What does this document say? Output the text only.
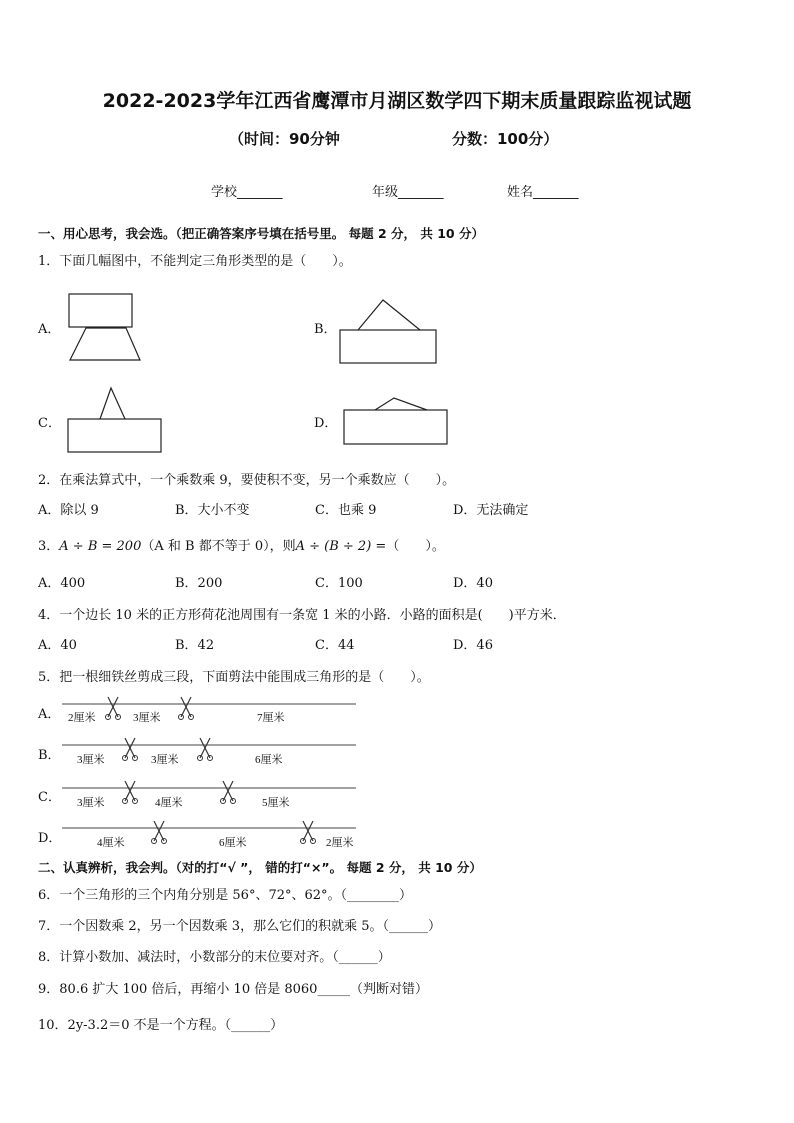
2022-2023学年江西省鹰潭市月湖区数学四下期末质量跟踪监视试题
（时间：90分钟	分数：100分）
学校_______	年级_______	姓名_______
一、用心思考，我会选。（把正确答案序号填在括号里。 每题 2 分， 共 10 分）
1．下面几幅图中，不能判定三角形类型的是（　　）。
A．	B．
C．	D．
2．在乘法算式中，一个乘数乘 9，要使积不变，另一个乘数应（　　）。
A．除以 9	B．大小不变	C．也乘 9	D．无法确定
3．A ÷ B = 200（A 和 B 都不等于 0），则A ÷ (B ÷ 2) =（　　）。
A．400	B．200	C．100	D．40
4．一个边长 10 米的正方形荷花池周围有一条宽 1 米的小路．小路的面积是(　　)平方米．
A．40	B．42	C．44	D．46
5．把一根细铁丝剪成三段，下面剪法中能围成三角形的是（　　）。
A． 2厘米	3厘米	7厘米
B． 3厘米	3厘米	6厘米
C． 3厘米	4厘米	5厘米
D．	4厘米	6厘米	2厘米
二、认真辨析，我会判。（对的打“√ ”， 错的打“×”。 每题 2 分， 共 10 分）
6．一个三角形的三个内角分别是 56°、72°、62°。（________）
7．一个因数乘 2，另一个因数乘 3，那么它们的积就乘 5。（______）
8．计算小数加、减法时，小数部分的末位要对齐。（______）
9．80.6 扩大 100 倍后，再缩小 10 倍是 8060_____（判断对错）
10．2y-3.2＝0 不是一个方程。（______）
